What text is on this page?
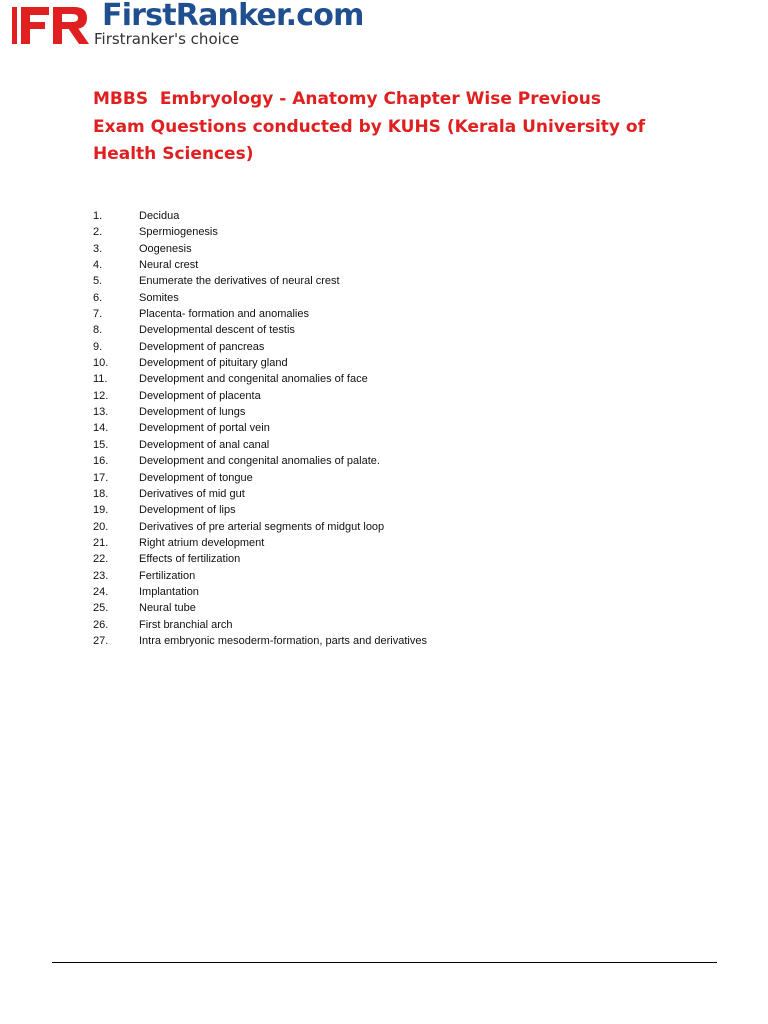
FirstRanker.com
Firstranker's choice
MBBS  Embryology - Anatomy Chapter Wise Previous Exam Questions conducted by KUHS (Kerala University of Health Sciences)
1.	Decidua
2.	Spermiogenesis
3.	Oogenesis
4.	Neural crest
5.	Enumerate the derivatives of neural crest
6.	Somites
7.	Placenta- formation and anomalies
8.	Developmental descent of testis
9.	Development of pancreas
10.	Development of pituitary gland
11.	Development and congenital anomalies of face
12.	Development of placenta
13.	Development of lungs
14.	Development of portal vein
15.	Development of anal canal
16.	Development and congenital anomalies of palate.
17.	Development of tongue
18.	Derivatives of mid gut
19.	Development of lips
20.	Derivatives of pre arterial segments of midgut loop
21.	Right atrium development
22.	Effects of fertilization
23.	Fertilization
24.	Implantation
25.	Neural tube
26.	First branchial arch
27.	Intra embryonic mesoderm-formation, parts and derivatives
